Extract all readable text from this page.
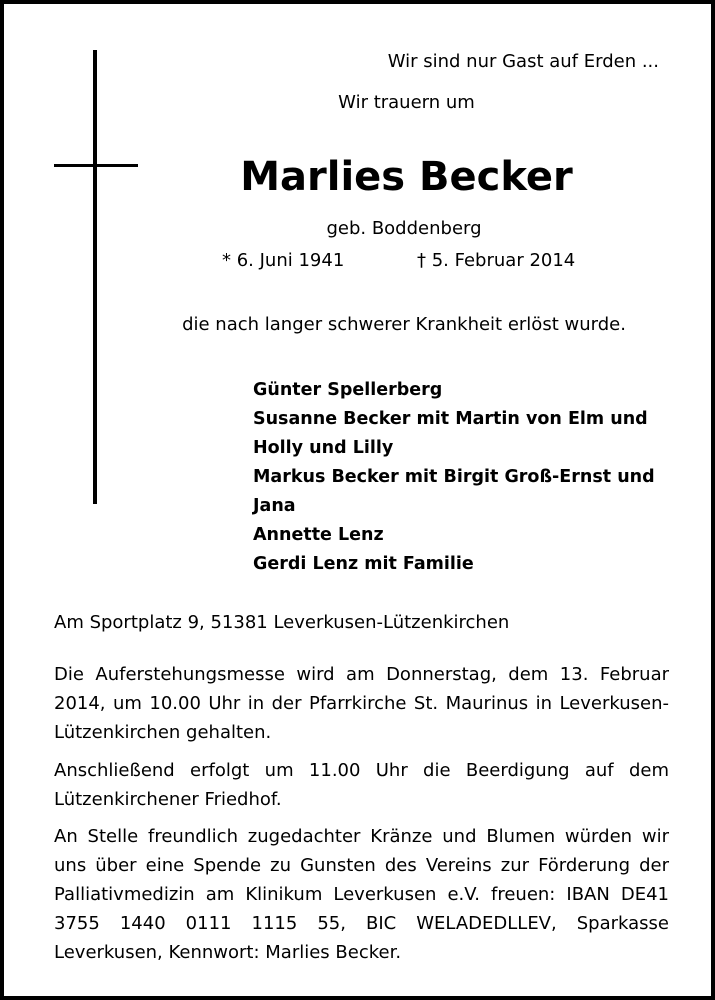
Wir sind nur Gast auf Erden ...
Wir trauern um
Marlies Becker
geb. Boddenberg
* 6. Juni 1941	† 5. Februar 2014
die nach langer schwerer Krankheit erlöst wurde.
Günter Spellerberg
Susanne Becker mit Martin von Elm und
Holly und Lilly
Markus Becker mit Birgit Groß-Ernst und
Jana
Annette Lenz
Gerdi Lenz mit Familie
Am Sportplatz 9, 51381 Leverkusen-Lützenkirchen

Die Auferstehungsmesse wird am Donnerstag, dem 13. Februar 2014, um 10.00 Uhr in der Pfarrkirche St. Maurinus in Leverkusen-Lützenkirchen gehalten.

Anschließend erfolgt um 11.00 Uhr die Beerdigung auf dem Lützenkirchener Friedhof.

An Stelle freundlich zugedachter Kränze und Blumen würden wir uns über eine Spende zu Gunsten des Vereins zur Förderung der Palliativmedizin am Klinikum Leverkusen e.V. freuen: IBAN DE41 3755 1440 0111 1115 55, BIC WELADEDLLEV, Sparkasse Leverkusen, Kennwort: Marlies Becker.
